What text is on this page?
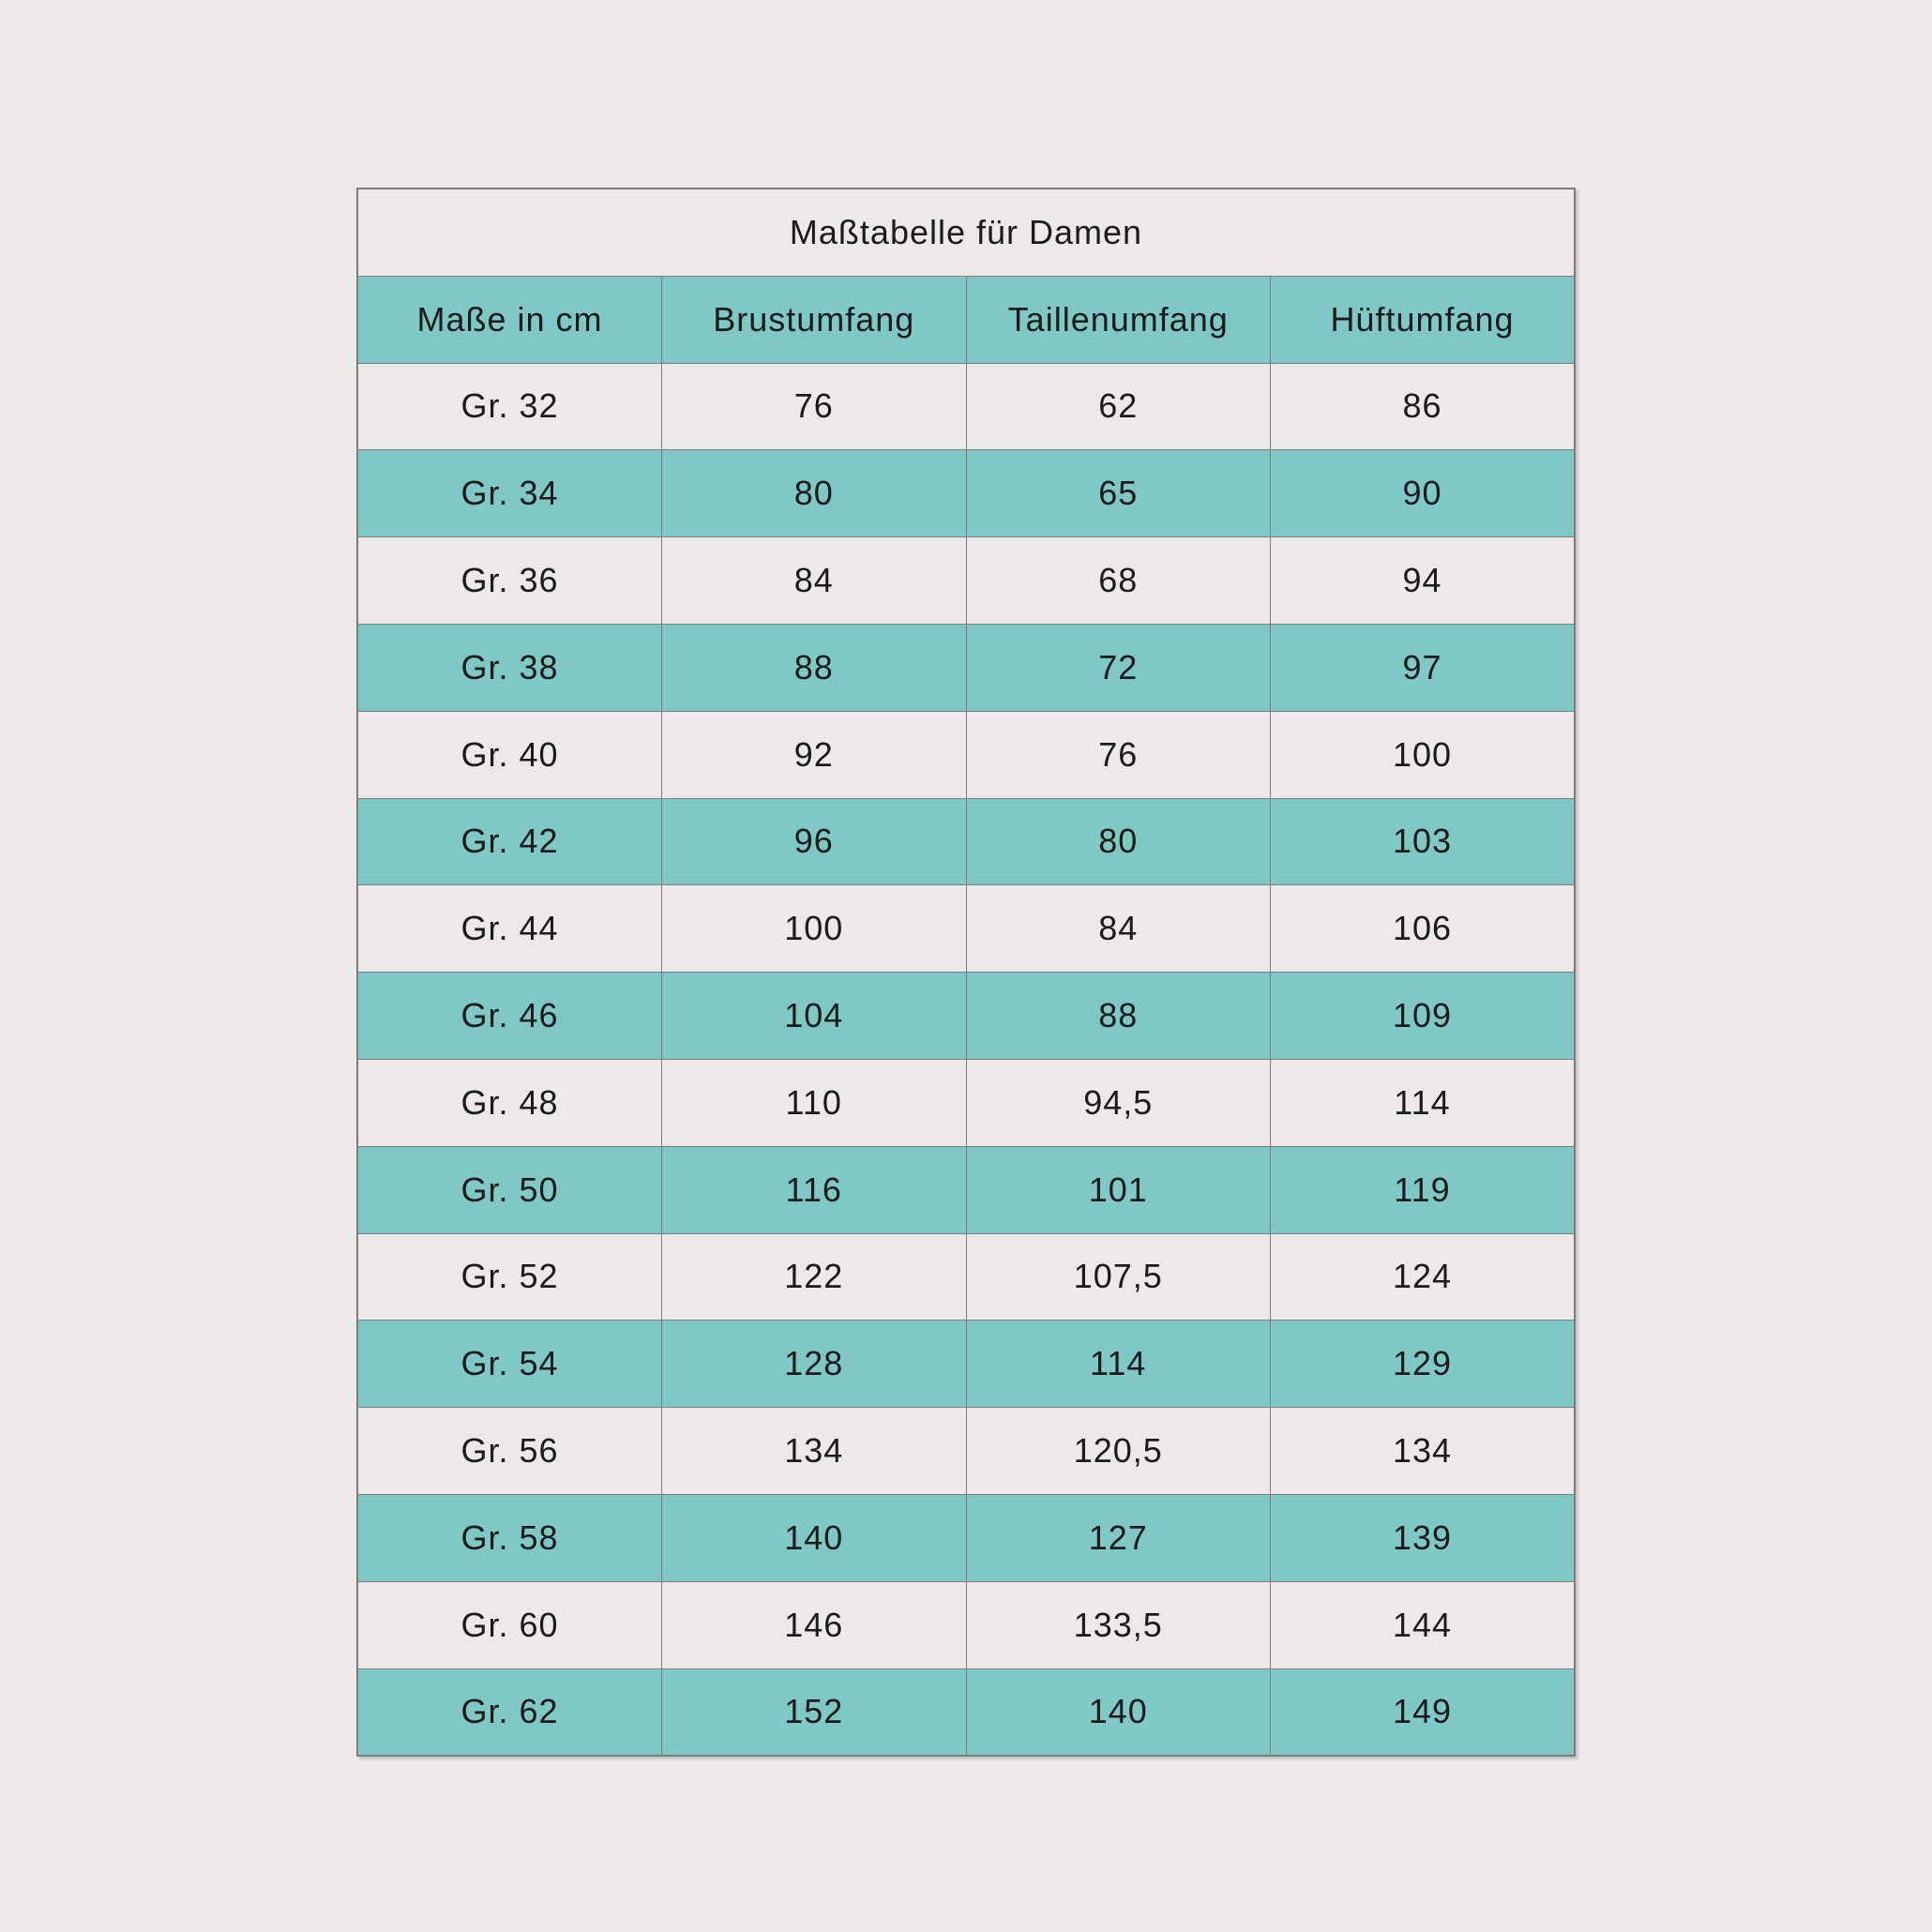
Maßtabelle für Damen			
Maße in cm	Brustumfang	Taillenumfang	Hüftumfang
Gr. 32	76	62	86
Gr. 34	80	65	90
Gr. 36	84	68	94
Gr. 38	88	72	97
Gr. 40	92	76	100
Gr. 42	96	80	103
Gr. 44	100	84	106
Gr. 46	104	88	109
Gr. 48	110	94,5	114
Gr. 50	116	101	119
Gr. 52	122	107,5	124
Gr. 54	128	114	129
Gr. 56	134	120,5	134
Gr. 58	140	127	139
Gr. 60	146	133,5	144
Gr. 62	152	140	149
